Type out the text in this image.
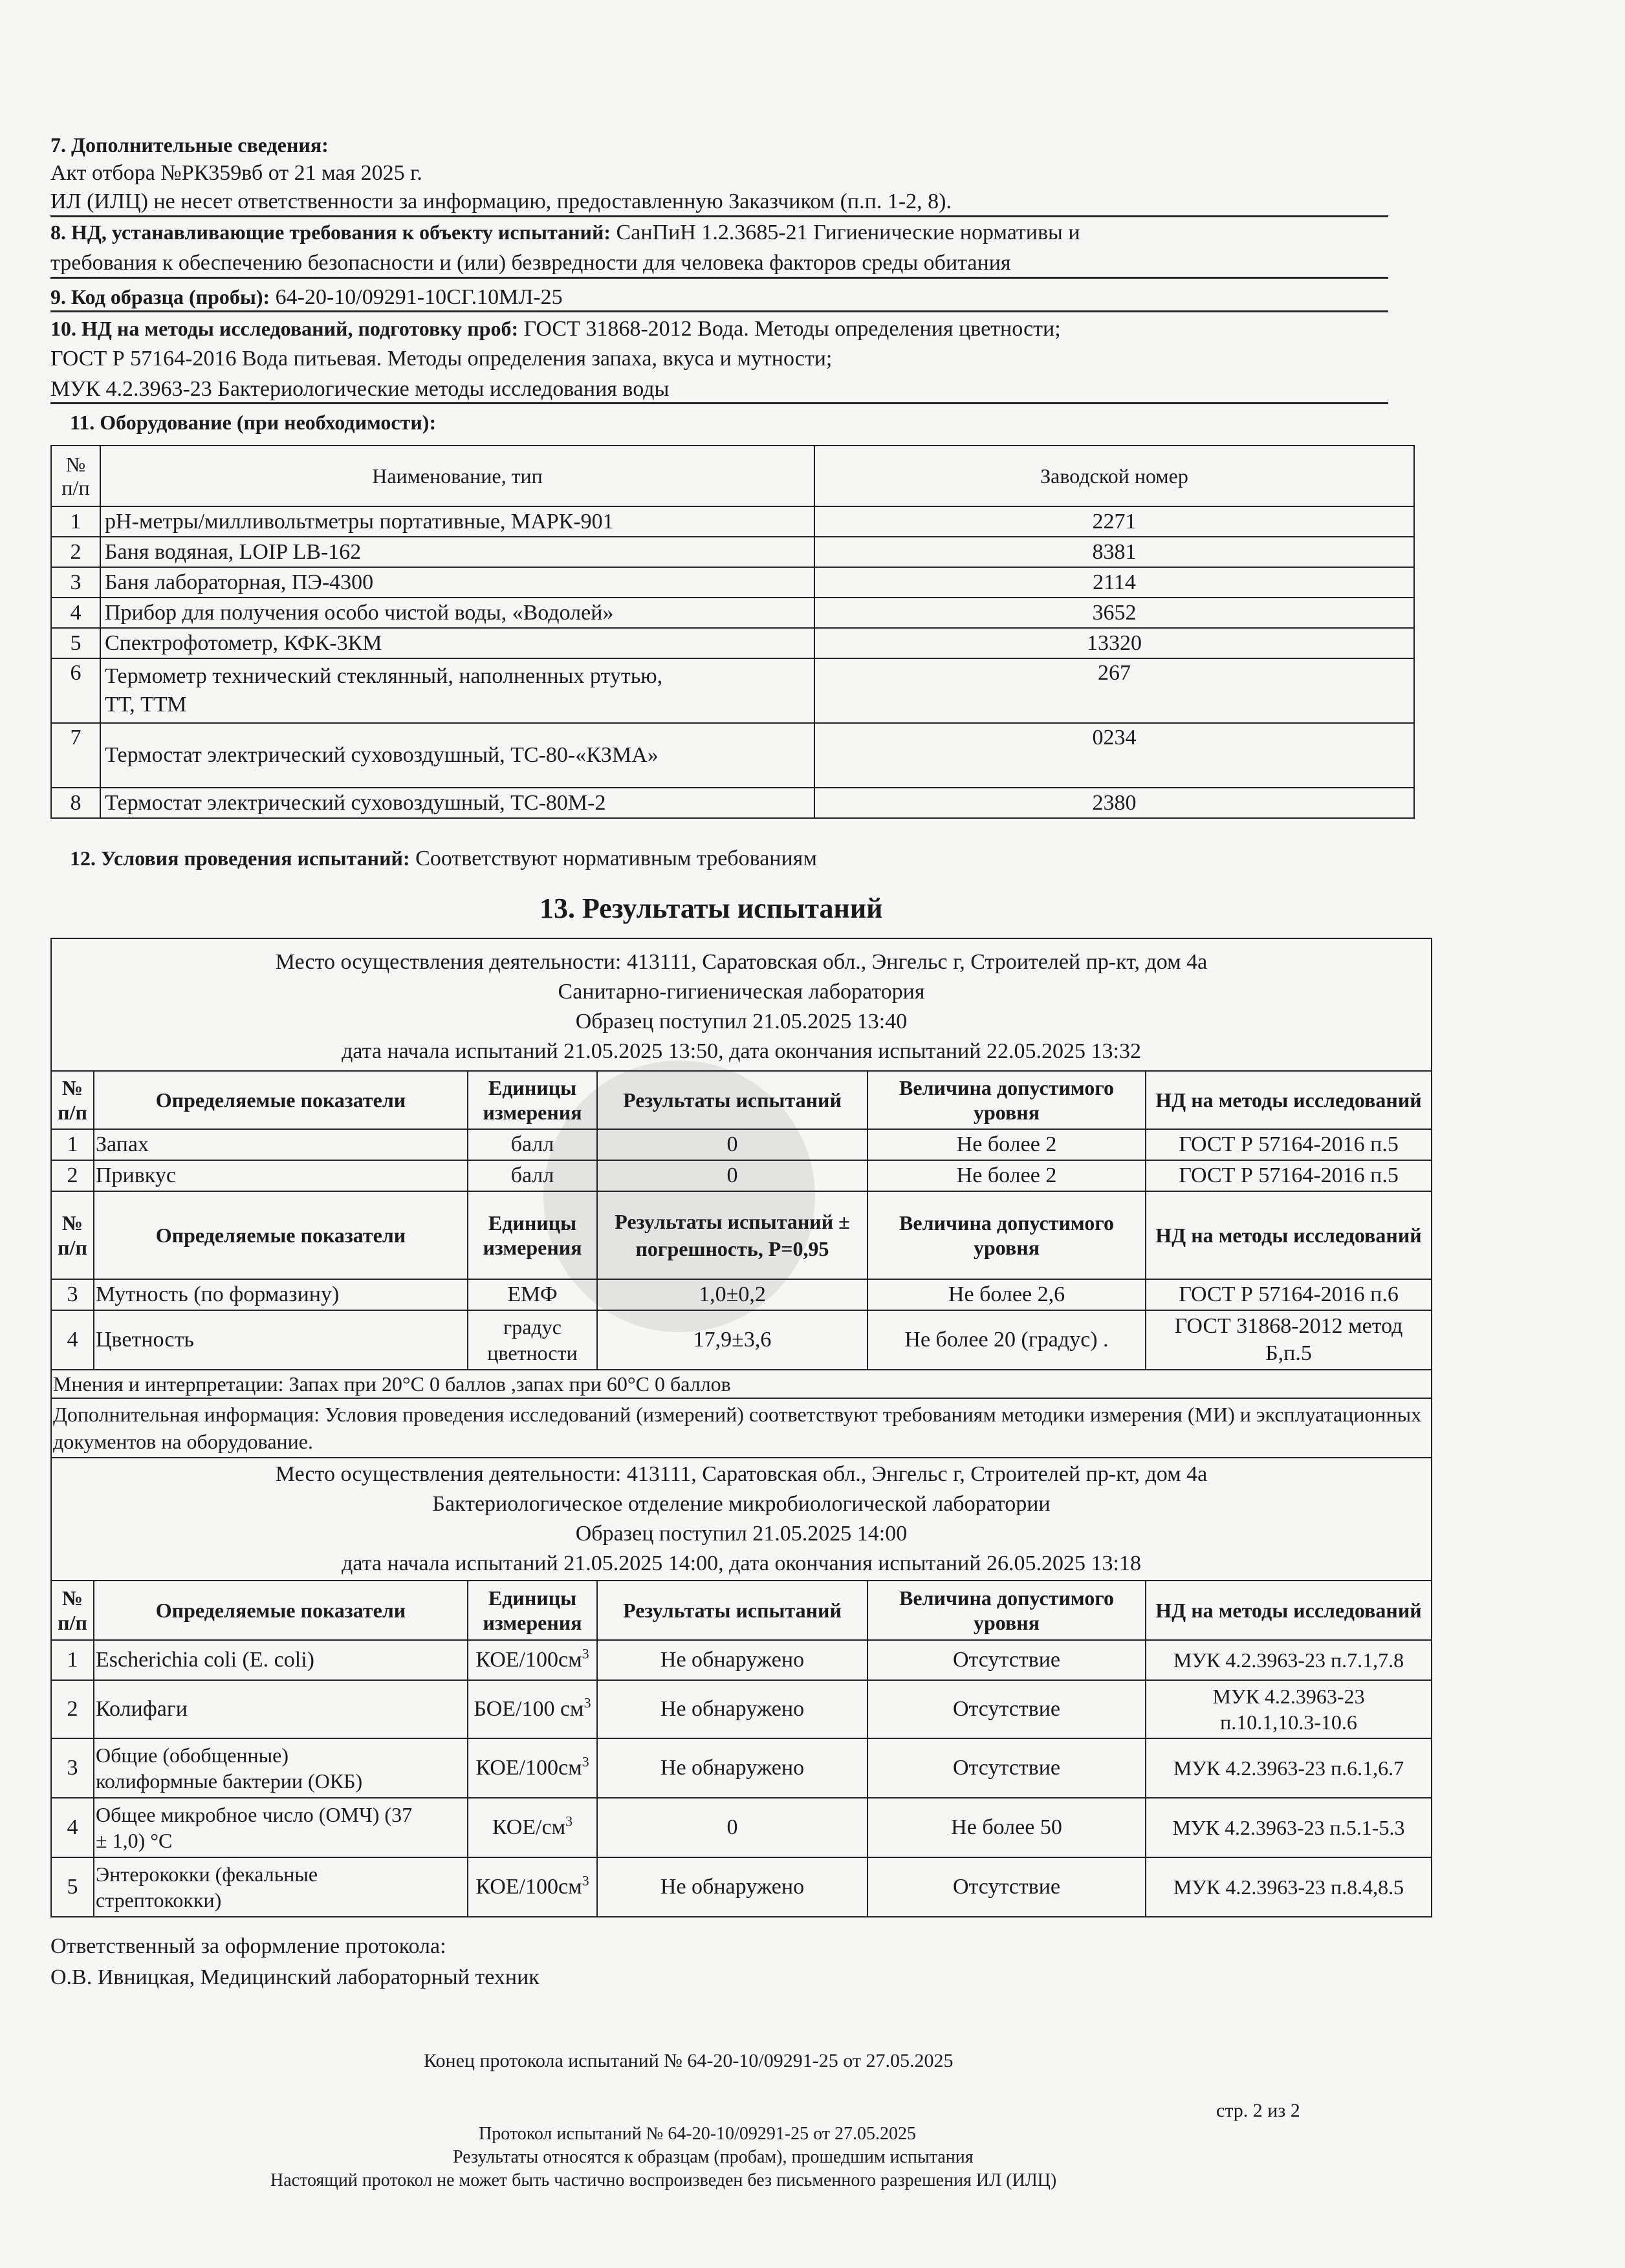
7. Дополнительные сведения:
Акт отбора №РК359вб от 21 мая 2025 г.
ИЛ (ИЛЦ) не несет ответственности за информацию, предоставленную Заказчиком (п.п. 1-2, 8).
8. НД, устанавливающие требования к объекту испытаний: СанПиН 1.2.3685-21 Гигиенические нормативы и
требования к обеспечению безопасности и (или) безвредности для человека факторов среды обитания
9. Код образца (пробы): 64-20-10/09291-10СГ.10МЛ-25
10. НД на методы исследований, подготовку проб: ГОСТ 31868-2012 Вода. Методы определения цветности;
ГОСТ Р 57164-2016 Вода питьевая. Методы определения запаха, вкуса и мутности;
МУК 4.2.3963-23 Бактериологические методы исследования воды
11. Оборудование (при необходимости):
№ п/п	Наименование, тип	Заводской номер
1	pH-метры/милливольтметры портативные, МАРК-901	2271
2	Баня водяная, LOIP LB-162	8381
3	Баня лабораторная, ПЭ-4300	2114
4	Прибор для получения особо чистой воды, «Водолей»	3652
5	Спектрофотометр, КФК-3КМ	13320
6	Термометр технический стеклянный, наполненных ртутью, ТТ, ТТМ	267
7	Термостат электрический суховоздушный, ТС-80-«КЗМА»	0234
8	Термостат электрический суховоздушный, ТС-80М-2	2380
12. Условия проведения испытаний: Соответствуют нормативным требованиям
13. Результаты испытаний
Место осуществления деятельности: 413111, Саратовская обл., Энгельс г, Строителей пр-кт, дом 4а
Санитарно-гигиеническая лаборатория
Образец поступил 21.05.2025 13:40
дата начала испытаний 21.05.2025 13:50, дата окончания испытаний 22.05.2025 13:32					

№ п/п	Определяемые показатели	Единицы измерения	Результаты испытаний	Величина допустимого уровня	НД на методы исследований
1	Запах	балл	0	Не более 2	ГОСТ Р 57164-2016 п.5
2	Привкус	балл	0	Не более 2	ГОСТ Р 57164-2016 п.5
№ п/п	Определяемые показатели	Единицы измерения	Результаты испытаний ± погрешность, P=0,95	Величина допустимого уровня	НД на методы исследований
3	Мутность (по формазину)	ЕМФ	1,0±0,2	Не более 2,6	ГОСТ Р 57164-2016 п.6
4	Цветность	градус цветности	17,9±3,6	Не более 20 (градус) .	ГОСТ 31868-2012 метод Б,п.5
Мнения и интерпретации: Запах при 20°С 0 баллов ,запах при 60°С 0 баллов					
Дополнительная информация: Условия проведения исследований (измерений) соответствуют требованиям методики измерения (МИ) и эксплуатационных документов на оборудование.					

Место осуществления деятельности: 413111, Саратовская обл., Энгельс г, Строителей пр-кт, дом 4а
Бактериологическое отделение микробиологической лаборатории
Образец поступил 21.05.2025 14:00
дата начала испытаний 21.05.2025 14:00, дата окончания испытаний 26.05.2025 13:18					

№ п/п	Определяемые показатели	Единицы измерения	Результаты испытаний	Величина допустимого уровня	НД на методы исследований
1	Escherichia coli (E. coli)	КОЕ/$100см^3$	Не обнаружено	Отсутствие	МУК 4.2.3963-23 п.7.1,7.8
2	Колифаги	БОЕ/100 $см^3$	Не обнаружено	Отсутствие	МУК 4.2.3963-23 п.10.1,10.3-10.6
3	Общие (обобщенные) колиформные бактерии (ОКБ)	КОЕ/$100см^3$	Не обнаружено	Отсутствие	МУК 4.2.3963-23 п.6.1,6.7
4	Общее микробное число (ОМЧ) (37 ± 1,0) °С	КОЕ/$см^3$	0	Не более 50	МУК 4.2.3963-23 п.5.1-5.3
5	Энтерококки (фекальные стрептококки)	КОЕ/$100см^3$	Не обнаружено	Отсутствие	МУК 4.2.3963-23 п.8.4,8.5
Ответственный за оформление протокола:
О.В. Ивницкая, Медицинский лабораторный техник
Конец протокола испытаний № 64-20-10/09291-25 от 27.05.2025
стр. 2 из 2
Протокол испытаний № 64-20-10/09291-25 от 27.05.2025
Результаты относятся к образцам (пробам), прошедшим испытания
Настоящий протокол не может быть частично воспроизведен без письменного разрешения ИЛ (ИЛЦ)
